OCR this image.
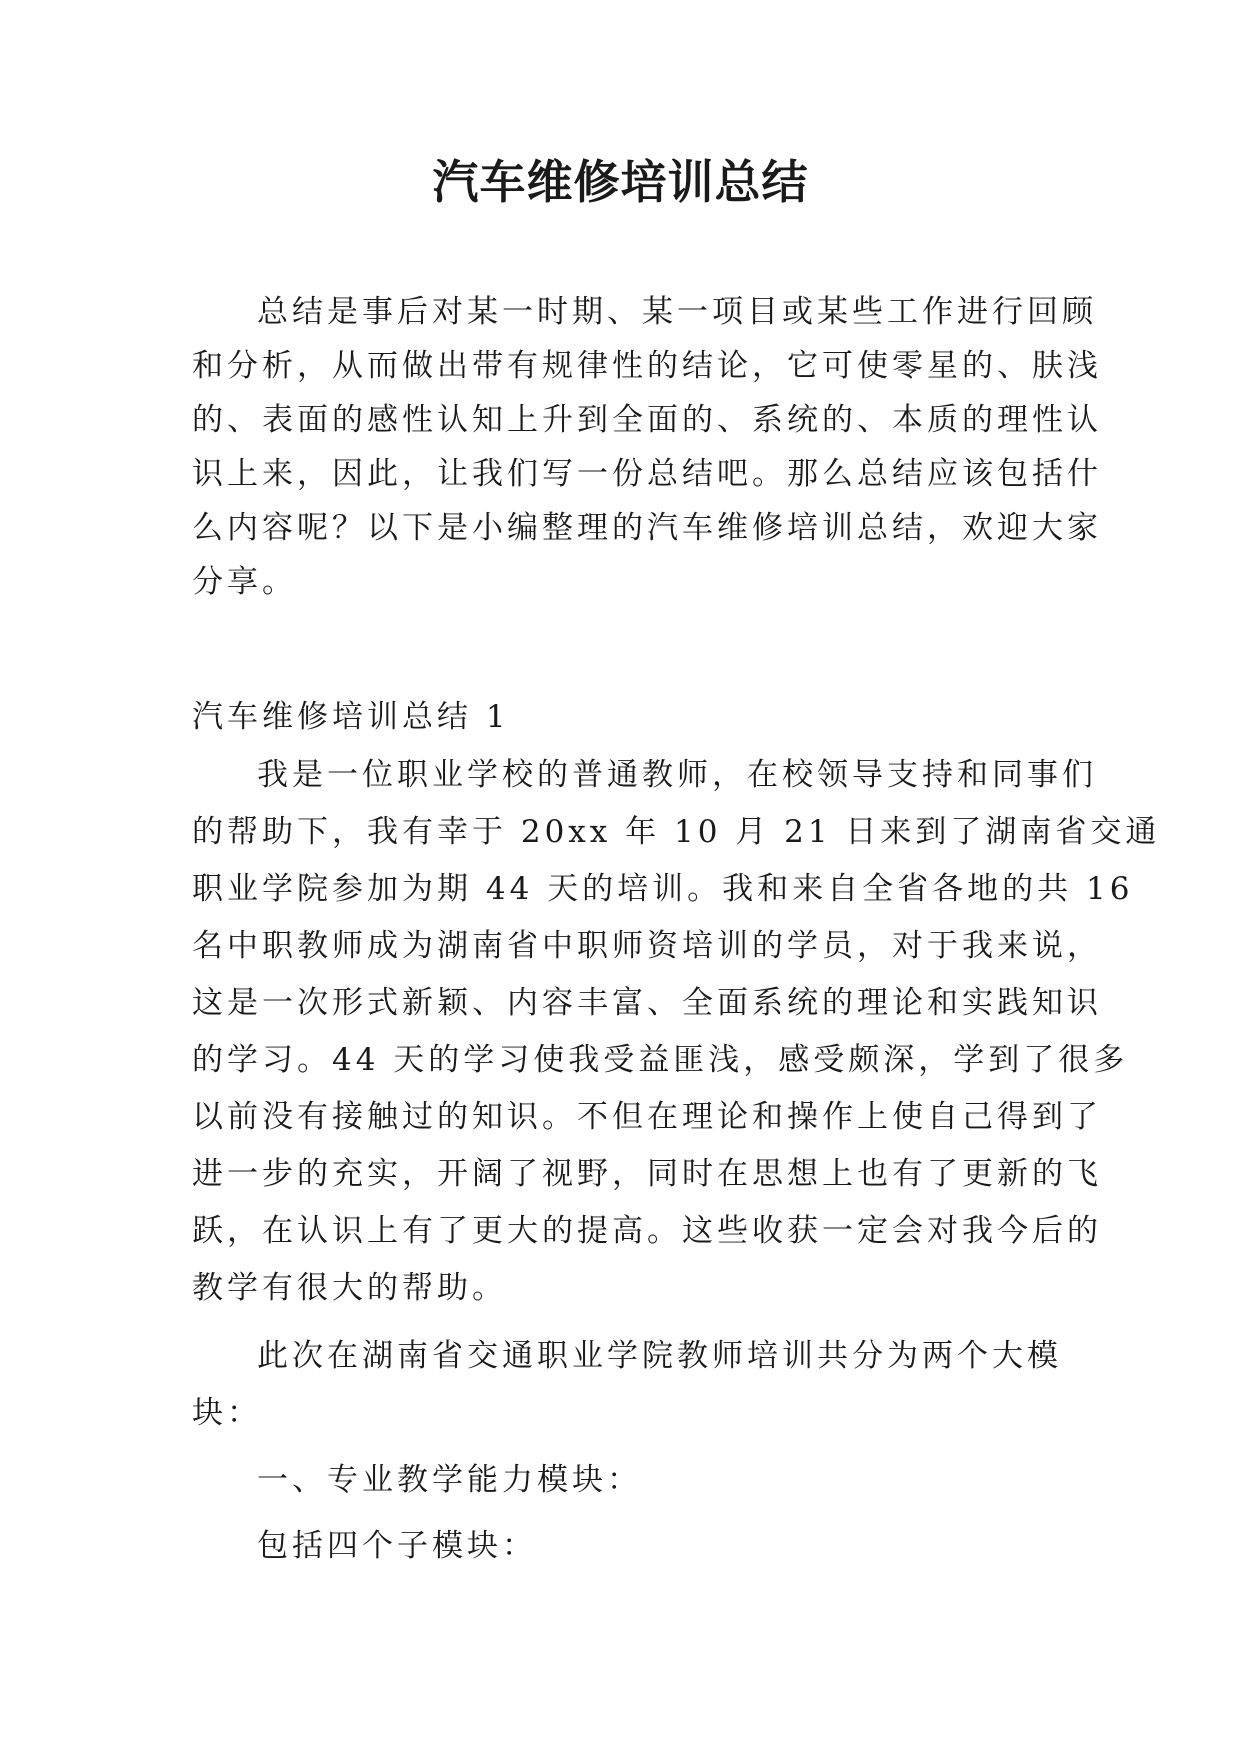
汽车维修培训总结

总结是事后对某一时期、某一项目或某些工作进行回顾

和分析，从而做出带有规律性的结论，它可使零星的、肤浅

的、表面的感性认知上升到全面的、系统的、本质的理性认

识上来，因此，让我们写一份总结吧。那么总结应该包括什

么内容呢？以下是小编整理的汽车维修培训总结，欢迎大家

分享。

汽车维修培训总结 1

我是一位职业学校的普通教师，在校领导支持和同事们

的帮助下，我有幸于 20xx 年 10 月 21 日来到了湖南省交通

职业学院参加为期 44 天的培训。我和来自全省各地的共 16

名中职教师成为湖南省中职师资培训的学员，对于我来说，

这是一次形式新颖、内容丰富、全面系统的理论和实践知识

的学习。44 天的学习使我受益匪浅，感受颇深，学到了很多

以前没有接触过的知识。不但在理论和操作上使自己得到了

进一步的充实，开阔了视野，同时在思想上也有了更新的飞

跃，在认识上有了更大的提高。这些收获一定会对我今后的

教学有很大的帮助。

此次在湖南省交通职业学院教师培训共分为两个大模

块：

一、专业教学能力模块：

包括四个子模块：
